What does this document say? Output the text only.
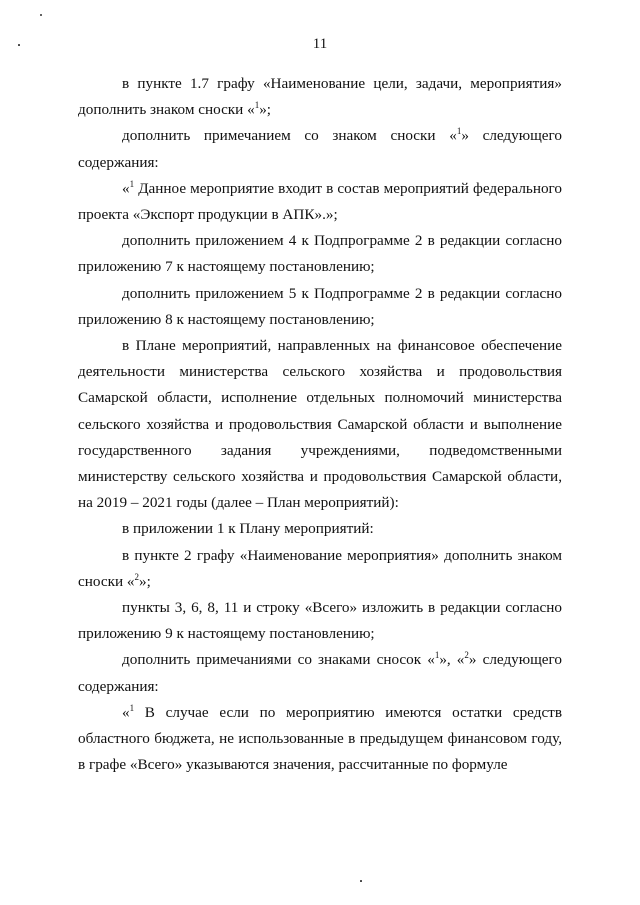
11

в пункте 1.7 графу «Наименование цели, задачи, мероприятия» дополнить знаком сноски «$^1$»;

дополнить примечанием со знаком сноски «$^1$» следующего содержания:

«$^1$ Данное мероприятие входит в состав мероприятий федерального проекта «Экспорт продукции в АПК».»;

дополнить приложением 4 к Подпрограмме 2 в редакции согласно приложению 7 к настоящему постановлению;

дополнить приложением 5 к Подпрограмме 2 в редакции согласно приложению 8 к настоящему постановлению;

в Плане мероприятий, направленных на финансовое обеспечение деятельности министерства сельского хозяйства и продовольствия Самарской области, исполнение отдельных полномочий министерства сельского хозяйства и продовольствия Самарской области и выполнение государственного задания учреждениями, подведомственными министерству сельского хозяйства и продовольствия Самарской области, на 2019 – 2021 годы (далее – План мероприятий):

в приложении 1 к Плану мероприятий:

в пункте 2 графу «Наименование мероприятия» дополнить знаком сноски «$^2$»;

пункты 3, 6, 8, 11 и строку «Всего» изложить в редакции согласно приложению 9 к настоящему постановлению;

дополнить примечаниями со знаками сносок «$^1$», «$^2$» следующего содержания:

«$^1$ В случае если по мероприятию имеются остатки средств областного бюджета, не использованные в предыдущем финансовом году, в графе «Всего» указываются значения, рассчитанные по формуле
